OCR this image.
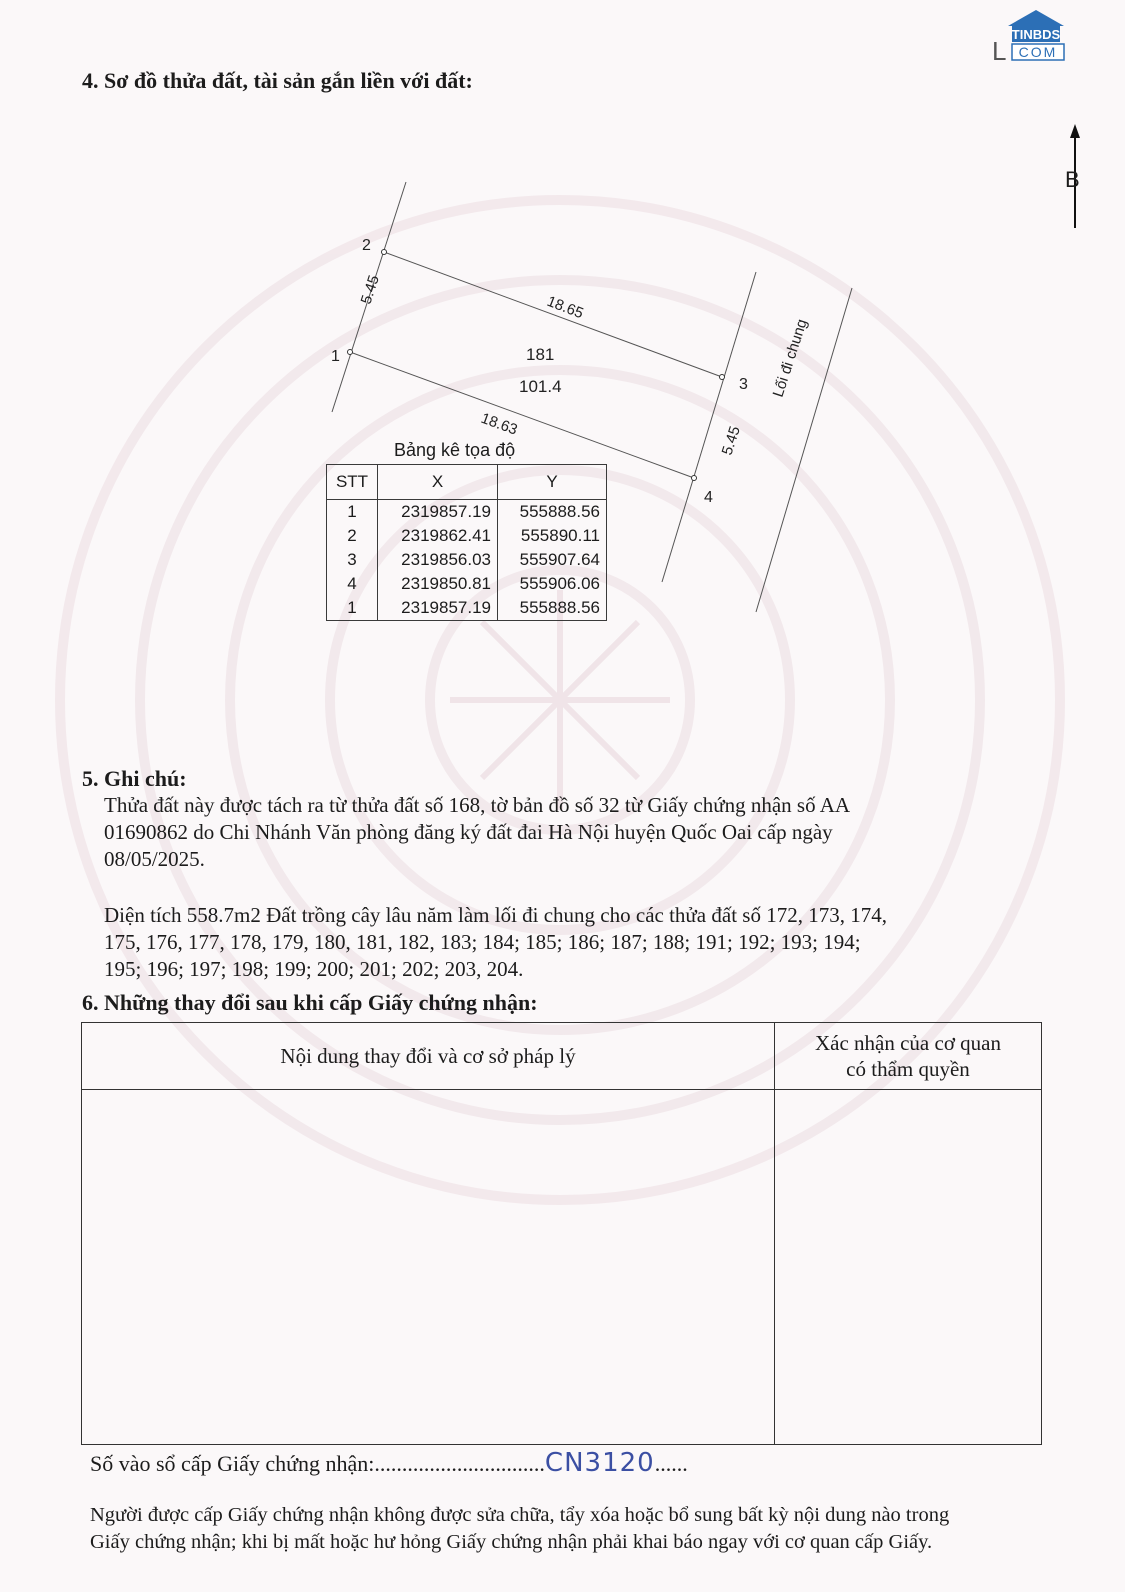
TINBDS
COM
L
4. Sơ đồ thửa đất, tài sản gắn liền với đất:
B
2
1
3
4
5.45
18.65
5.45
18.63
181
101.4	Lối đi chung
Bảng kê tọa độ
STT	X	Y
1	2319857.19	555888.56
2	2319862.41	555890.11
3	2319856.03	555907.64
4	2319850.81	555906.06
1	2319857.19	555888.56
5. Ghi chú:
Thửa đất này được tách ra từ thửa đất số 168, tờ bản đồ số 32 từ Giấy chứng nhận số AA
01690862 do Chi Nhánh Văn phòng đăng ký đất đai Hà Nội huyện Quốc Oai cấp ngày
08/05/2025.
Diện tích 558.7m2 Đất trồng cây lâu năm làm lối đi chung cho các thửa đất số 172, 173, 174,
175, 176, 177, 178, 179, 180, 181, 182, 183; 184; 185; 186; 187; 188; 191; 192; 193; 194;
195; 196; 197; 198; 199; 200; 201; 202; 203, 204.
6. Những thay đổi sau khi cấp Giấy chứng nhận:
Nội dung thay đổi và cơ sở pháp lý	Xác nhận của cơ quan
có thẩm quyền

Số vào sổ cấp Giấy chứng nhận:...............................CN3120......
Người được cấp Giấy chứng nhận không được sửa chữa, tẩy xóa hoặc bổ sung bất kỳ nội dung nào trong
Giấy chứng nhận; khi bị mất hoặc hư hỏng Giấy chứng nhận phải khai báo ngay với cơ quan cấp Giấy.
